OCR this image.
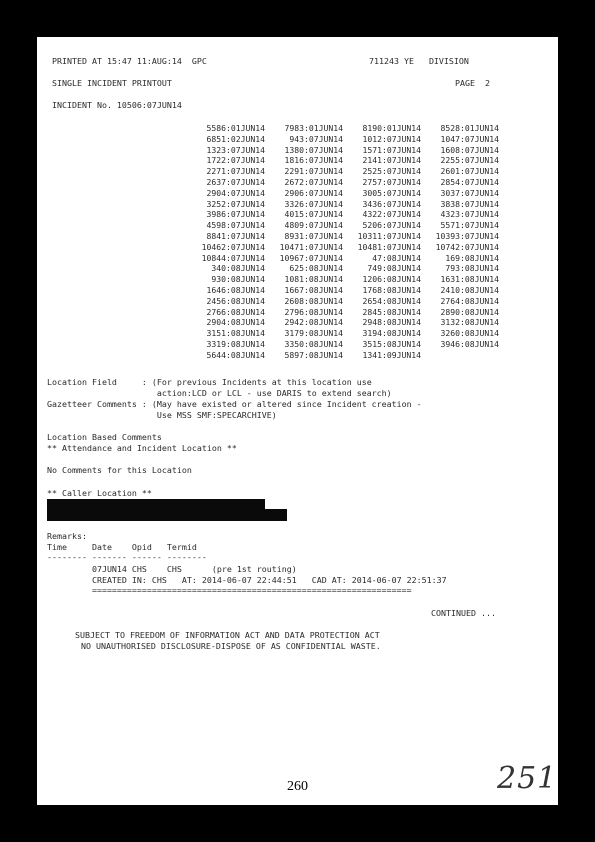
PRINTED AT 15:47 11:AUG:14  GPC	711243 YE   DIVISION
SINGLE INCIDENT PRINTOUT	PAGE  2
INCIDENT No. 10506:07JUN14
5586:01JUN14 7983:01JUN14 8190:01JUN14 8528:01JUN14
6851:02JUN14	943:07JUN14 1012:07JUN14 1047:07JUN14
1323:07JUN14 1380:07JUN14 1571:07JUN14 1608:07JUN14
1722:07JUN14 1816:07JUN14 2141:07JUN14 2255:07JUN14
2271:07JUN14 2291:07JUN14 2525:07JUN14 2601:07JUN14
2637:07JUN14 2672:07JUN14 2757:07JUN14 2854:07JUN14
2904:07JUN14 2906:07JUN14 3005:07JUN14 3037:07JUN14
3252:07JUN14 3326:07JUN14 3436:07JUN14 3838:07JUN14
3986:07JUN14 4015:07JUN14 4322:07JUN14 4323:07JUN14
4598:07JUN14 4809:07JUN14 5206:07JUN14 5571:07JUN14
8841:07JUN14 8931:07JUN14 10311:07JUN14 10393:07JUN14
10462:07JUN14 10471:07JUN14 10481:07JUN14 10742:07JUN14
10844:07JUN14 10967:07JUN14	47:08JUN14	169:08JUN14
340:08JUN14	625:08JUN14	749:08JUN14	793:08JUN14
930:08JUN14 1081:08JUN14 1206:08JUN14 1631:08JUN14
1646:08JUN14 1667:08JUN14 1768:08JUN14 2410:08JUN14
2456:08JUN14 2608:08JUN14 2654:08JUN14 2764:08JUN14
2766:08JUN14 2796:08JUN14 2845:08JUN14 2890:08JUN14
2904:08JUN14 2942:08JUN14 2948:08JUN14 3132:08JUN14
3151:08JUN14 3179:08JUN14 3194:08JUN14 3260:08JUN14
3319:08JUN14 3350:08JUN14 3515:08JUN14 3946:08JUN14
5644:08JUN14 5897:08JUN14 1341:09JUN14
Location Field     : (For previous Incidents at this location use
action:LCD or LCL - use DARIS to extend search)
Gazetteer Comments : (May have existed or altered since Incident creation -
Use MSS SMF:SPECARCHIVE)
Location Based Comments
** Attendance and Incident Location **
No Comments for this Location
** Caller Location **
Remarks:
Time     Date    Opid   Termid
-------- ------- ------ --------
07JUN14 CHS    CHS      (pre 1st routing)
CREATED IN: CHS   AT: 2014-06-07 22:44:51   CAD AT: 2014-06-07 22:51:37
================================================================
CONTINUED ...
SUBJECT TO FREEDOM OF INFORMATION ACT AND DATA PROTECTION ACT
NO UNAUTHORISED DISCLOSURE-DISPOSE OF AS CONFIDENTIAL WASTE.
260	251
